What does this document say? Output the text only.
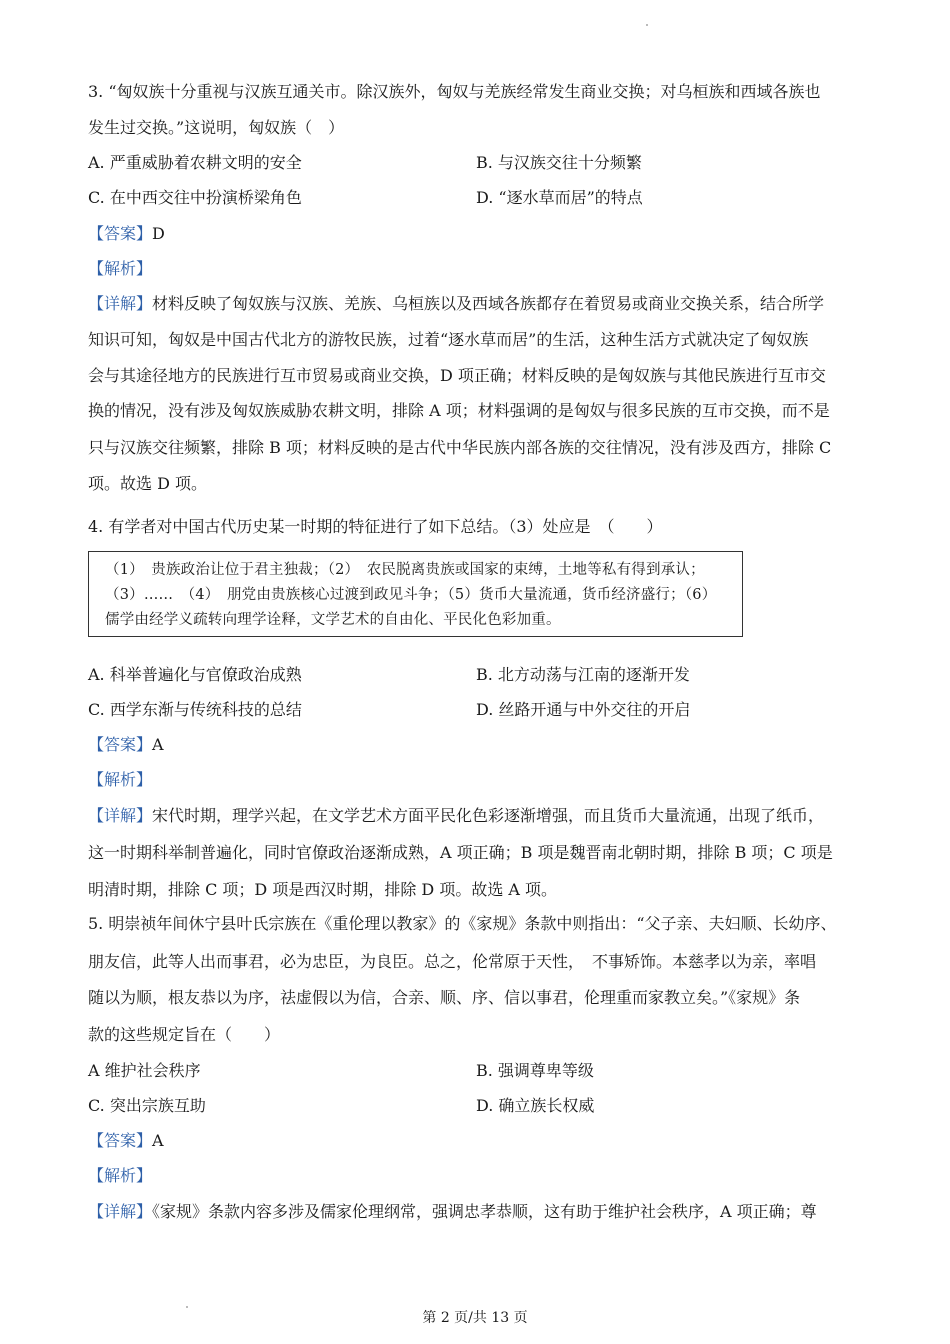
3. “匈奴族十分重视与汉族互通关市。除汉族外，匈奴与羌族经常发生商业交换；对乌桓族和西域各族也
发生过交换。”这说明，匈奴族（　）
A. 严重威胁着农耕文明的安全	B. 与汉族交往十分频繁
C. 在中西交往中扮演桥梁角色	D. “逐水草而居”的特点
【答案】D
【解析】
【详解】材料反映了匈奴族与汉族、羌族、乌桓族以及西域各族都存在着贸易或商业交换关系，结合所学
知识可知，匈奴是中国古代北方的游牧民族，过着“逐水草而居”的生活，这种生活方式就决定了匈奴族
会与其途径地方的民族进行互市贸易或商业交换，D 项正确；材料反映的是匈奴族与其他民族进行互市交
换的情况，没有涉及匈奴族威胁农耕文明，排除 A 项；材料强调的是匈奴与很多民族的互市交换，而不是
只与汉族交往频繁，排除 B 项；材料反映的是古代中华民族内部各族的交往情况，没有涉及西方，排除 C
项。故选 D 项。
4. 有学者对中国古代历史某一时期的特征进行了如下总结。（3）处应是　（　　）
（1）　贵族政治让位于君主独裁；（2）　农民脱离贵族或国家的束缚，土地等私有得到承认；
（3）……　（4）　朋党由贵族核心过渡到政见斗争；（5）货币大量流通，货币经济盛行；（6）
儒学由经学义疏转向理学诠释，文学艺术的自由化、平民化色彩加重。
A. 科举普遍化与官僚政治成熟	B. 北方动荡与江南的逐渐开发
C. 西学东渐与传统科技的总结	D. 丝路开通与中外交往的开启
【答案】A
【解析】
【详解】宋代时期，理学兴起，在文学艺术方面平民化色彩逐渐增强，而且货币大量流通，出现了纸币，
这一时期科举制普遍化，同时官僚政治逐渐成熟，A 项正确；B 项是魏晋南北朝时期，排除 B 项；C 项是
明清时期，排除 C 项；D 项是西汉时期，排除 D 项。故选 A 项。
5. 明崇祯年间休宁县叶氏宗族在《重伦理以教家》的《家规》条款中则指出：“父子亲、夫妇顺、长幼序、
朋友信，此等人出而事君，必为忠臣，为良臣。总之，伦常原于天性，　不事矫饰。本慈孝以为亲，率唱
随以为顺，根友恭以为序，祛虚假以为信，合亲、顺、序、信以事君，伦理重而家教立矣。”《家规》条
款的这些规定旨在（　　）
A 维护社会秩序	B. 强调尊卑等级
C. 突出宗族互助	D. 确立族长权威
【答案】A
【解析】
【详解】《家规》条款内容多涉及儒家伦理纲常，强调忠孝恭顺，这有助于维护社会秩序，A 项正确；尊
第 2 页/共 13 页
